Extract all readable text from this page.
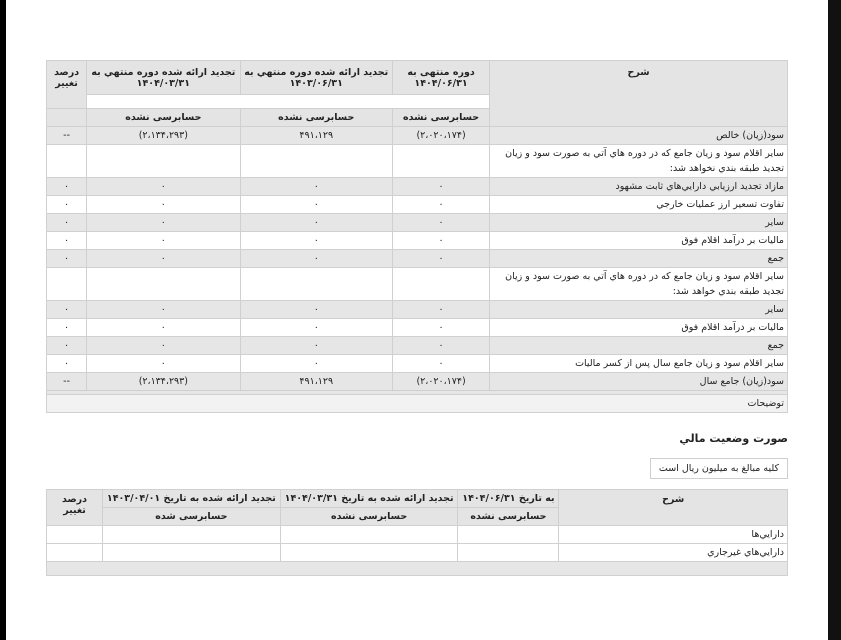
شرح	دوره منتهی به ۱۴۰۴/۰۶/۳۱	تجدید ارائه شده دوره منتهي به ۱۴۰۳/۰۶/۳۱	تجدید ارائه شده دوره منتهي به ۱۴۰۴/۰۳/۳۱	درصد تغییر

	حسابرسی نشده	حسابرسی نشده	حسابرسی نشده	
سود(زيان) خالص	(۲،۰۲۰،۱۷۴)	۴۹۱،۱۲۹	(۲،۱۳۴،۲۹۳)	--
ساير اقلام سود و زيان جامع كه در دوره هاي آتي به صورت سود و زيان تجديد طبقه بندي نخواهد شد:				
مازاد تجديد ارزيابي دارايي‌هاي ثابت مشهود	۰	۰	۰	۰
تفاوت تسعير ارز عمليات خارجي	۰	۰	۰	۰
ساير	۰	۰	۰	۰
ماليات بر درآمد اقلام فوق	۰	۰	۰	۰
جمع	۰	۰	۰	۰
ساير اقلام سود و زيان جامع كه در دوره هاي آتي به صورت سود و زيان تجديد طبقه بندي خواهد شد:				
ساير	۰	۰	۰	۰
ماليات بر درآمد اقلام فوق	۰	۰	۰	۰
جمع	۰	۰	۰	۰
ساير اقلام سود و زيان جامع سال پس از كسر ماليات	۰	۰	۰	۰
سود(زيان) جامع سال	(۲،۰۲۰،۱۷۴)	۴۹۱،۱۲۹	(۲،۱۳۴،۲۹۳)	--

توضيحات				
صورت وضعيت مالي
كليه مبالغ به ميليون ريال است
شرح	به تاريخ ۱۴۰۴/۰۶/۳۱	تجدید ارائه شده به تاريخ ۱۴۰۴/۰۳/۳۱	تجدید ارائه شده به تاريخ ۱۴۰۳/۰۴/۰۱	درصد تغییر
	حسابرسی نشده	حسابرسی نشده	حسابرسی شده	
دارايي‌ها				
دارايي‌هاي غيرجاري				
